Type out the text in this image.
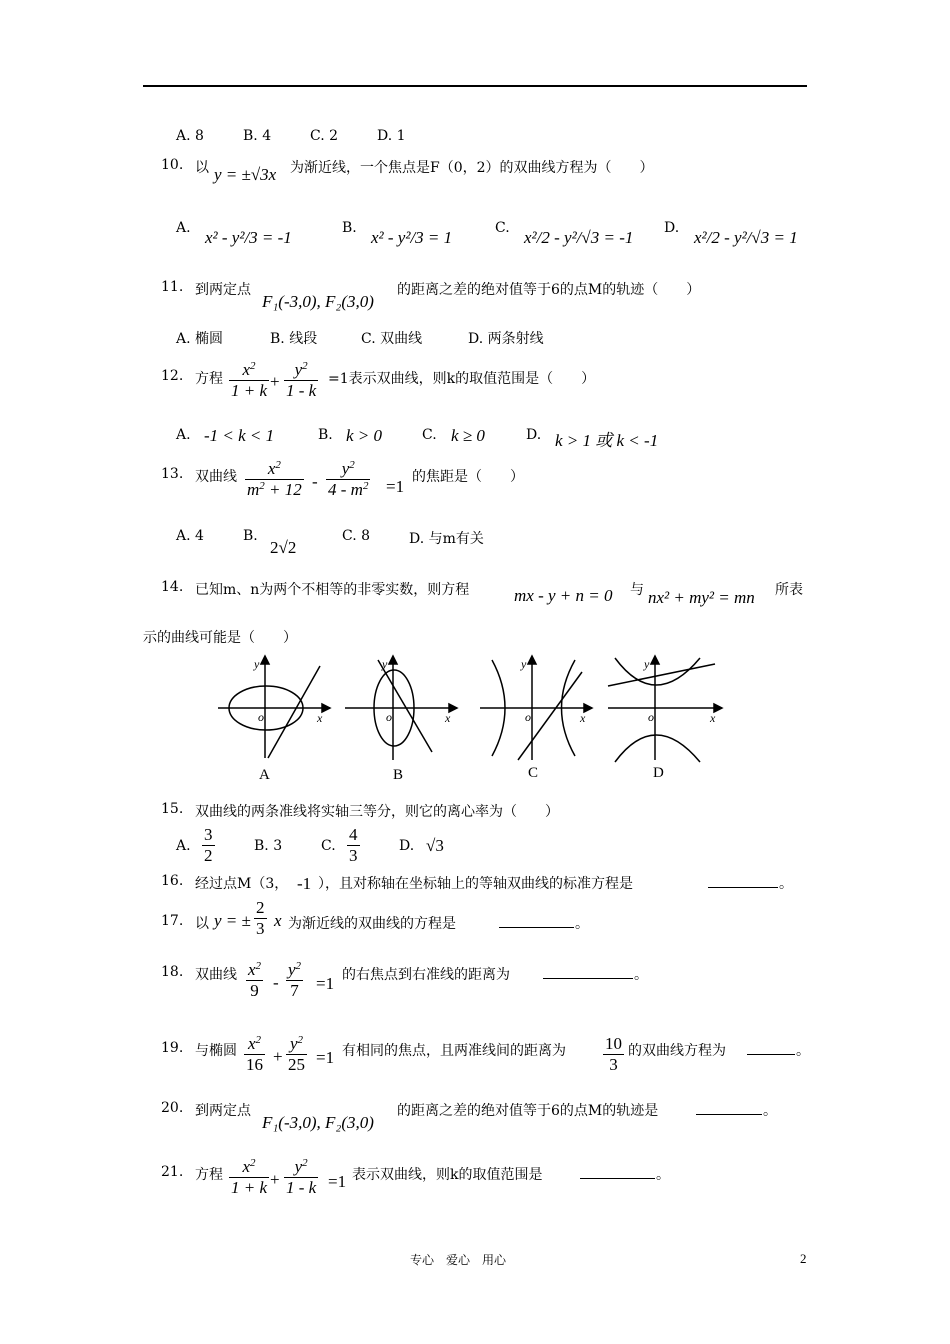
A. 8	B. 4	C. 2	D. 1
10. 以 y = ±√3x 为渐近线，一个焦点是F（0，2）的双曲线方程为（　　）
A. x² - y²/3 = -1	B. x² - y²/3 = 1	C. x²/2 - y²/√3 = -1 D. x²/2 - y²/√3 = 1
11. 到两定点
F₁(-3,0), F₂(3,0)
的距离之差的绝对值等于6的点M的轨迹（　　）
A. 椭圆	B. 线段	C. 双曲线	D. 两条射线
12. 方程 $\frac{x^2}{1 + k} + \frac{y^2}{1 - k} =1$表示双曲线，则k的取值范围是（　　）
A. -1 < k < 1	B. k > 0	C. k ≥ 0	D. k > 1 或 k < -1
13. 双曲线 $\frac{x^2}{m^2 + 12} - \frac{y^2}{4 - m^2} =1$ 的焦距是（　　）
A. 4	B.
2√2
C. 8	D. 与m有关
14. 已知m、n为两个不相等的非零实数，则方程	mx - y + n = 0 与 nx² + my² = mn 所表
示的曲线可能是（　　）
y
x
o
y
x
o
y
x
o
y
x
o
A	B	C	D
15. 双曲线的两条准线将实轴三等分，则它的离心率为（　　）
A. $\frac{3}{2}$	B. 3	C. $\frac{4}{3}$	D. √3
16. 经过点M（3， -1 ），且对称轴在坐标轴上的等轴双曲线的标准方程是	。
17. 以 y = ± $\frac{2}{3}$ x 为渐近线的双曲线的方程是	。
18. 双曲线 $\frac{x^2}{9} - \frac{y^2}{7} =1$ 的右焦点到右准线的距离为	。
19. 与椭圆 $\frac{x^2}{16} + \frac{y^2}{25} =1$ 有相同的焦点，且两准线间的距离为 $\frac{10}{3}$ 的双曲线方程为	。
20. 到两定点
F₁(-3,0), F₂(3,0)
的距离之差的绝对值等于6的点M的轨迹是	。
21. 方程 $\frac{x^2}{1 + k} + \frac{y^2}{1 - k} =1$ 表示双曲线，则k的取值范围是	。
专心　爱心　用心	2
